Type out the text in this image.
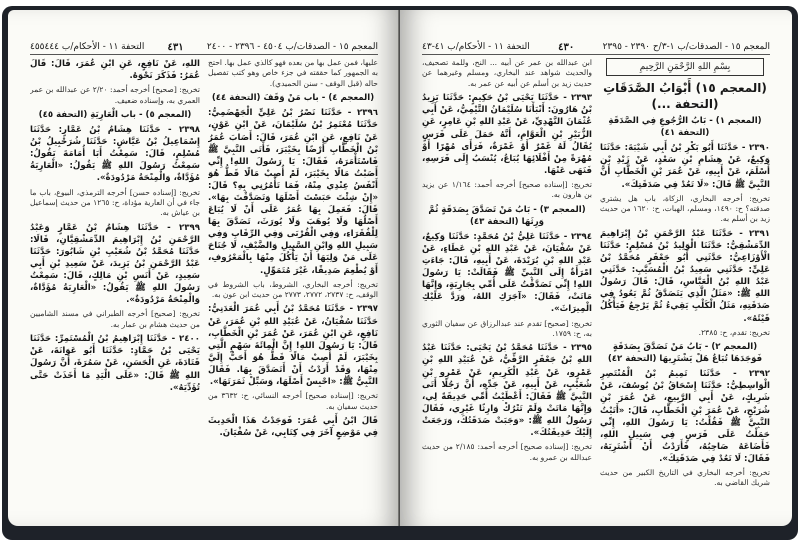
المعجم ١٥ - الصدقات/ب ٤٥٠٤ - ٢٣٩٦ - ٢٤٠٠
٤٣١
التحفة ١١ - الأحكام/ب ٤٥٥٤٤٤

عليها، فمن عمل بها من بعده فهو كالذي عمل بها. احتج به الجمهور كما حققته في جزء خاص وهو كتب تفصيل حاله (قبل الوقف - سنن الحميدي).

(المعجم ٤) - باب مَنْ وَقَفَ (التحفة ٤٤)

٢٣٩٦ - حَدَّثَنَا نَصْرُ بْنُ عَلِيٍّ الْجَهْضَمِيُّ: حَدَّثَنَا مُعْتَمِرُ بْنُ سُلَيْمَانَ، عَنْ ابْنِ عَوْنٍ، عَنْ نَافِعٍ، عَنِ ابْنِ عُمَرَ، قَالَ: أَصَابَ عُمَرُ بْنُ الْخَطَّابِ أَرْضًا بِخَيْبَرَ، فَأَتَى النَّبِيَّ ﷺ فَاسْتَأْمَرَهُ، فَقَالَ: يَا رَسُولَ اللهِ! إِنِّي أَصَبْتُ مَالًا بِخَيْبَرَ، لَمْ أُصِبْ مَالًا قَطُّ هُوَ أَنْفَسُ عِنْدِي مِنْهُ، فَمَا تَأْمُرُنِي بِهِ؟ قَالَ: «إِنْ شِئْتَ حَبَسْتَ أَصْلَهَا وَتَصَدَّقْتَ بِهَا». قَالَ: فَعَمِلَ بِهَا عُمَرُ عَلَى أَنْ لَا يُبَاعَ أَصْلُهَا وَلَا يُوهَبَ وَلَا يُورَثَ، تَصَدَّقَ بِهَا لِلْفُقَرَاءِ، وَفِي الْقُرْبَى وَفِي الرِّقَابِ وَفِي سَبِيلِ اللهِ وَابْنِ السَّبِيلِ وَالضَّيْفِ، لَا جُنَاحَ عَلَى مَنْ وَلِيَهَا أَنْ يَأْكُلَ مِنْهَا بِالْمَعْرُوفِ، أَوْ يُطْعِمَ صَدِيقًا، غَيْرَ مُتَمَوِّلٍ.

تخريج: أخرجه البخاري، الشروط، باب الشروط في الوقف، ح: ٢٧٣٧، ٢٧٧٢، ٢٧٧٣ من حديث ابن عون به.

٢٣٩٧ - حَدَّثَنَا مُحَمَّدُ بْنُ أَبِي عُمَرَ الْعَدَنِيُّ: حَدَّثَنَا سُفْيَانُ، عَنْ عُبَيْدِ اللهِ بْنِ عُمَرَ، عَنْ نَافِعٍ، عَنِ ابْنِ عُمَرَ، عَنْ عُمَرَ بْنِ الْخَطَّابِ، قَالَ: يَا رَسُولَ اللهِ! إِنَّ الْمِائَةَ سَهْمٍ الَّتِي بِخَيْبَرَ، لَمْ أُصِبْ مَالًا قَطُّ هُوَ أَحَبُّ إِلَيَّ مِنْهَا، وَقَدْ أَرَدْتُ أَنْ أَتَصَدَّقَ بِهَا. فَقَالَ النَّبِيُّ ﷺ: «احْبِسْ أَصْلَهَا، وَسَبِّلْ ثَمَرَتَهَا».

تخريج: [إسناده صحيح] أخرجه النسائي، ح: ٣٦٣٢ من حديث سفيان به.

قَالَ ابْنُ أَبِي عُمَرَ: فَوَجَدْتُ هَذَا الْحَدِيثَ فِي مَوْضِعٍ آخَرَ فِي كِتَابِي، عَنْ سُفْيَانَ.

اللهِ، عَنْ نَافِعٍ، عَنِ ابْنِ عُمَرَ، قَالَ: قَالَ عُمَرُ: فَذَكَرَ نَحْوَهُ.

تخريج: [صحيح] أخرجه أحمد: ٢/٢٠ عن عبدالله بن عمر العمري به، وإسناده ضعيف.

(المعجم ٥) - باب الْعَارِيَةِ (التحفة ٤٥)

٢٣٩٨ - حَدَّثَنَا هِشَامُ بْنُ عَمَّارٍ: حَدَّثَنَا إِسْمَاعِيلُ بْنُ عَيَّاشٍ: حَدَّثَنَا شُرَحْبِيلُ بْنُ مُسْلِمٍ، قَالَ: سَمِعْتُ أَبَا أُمَامَةَ يَقُولُ: سَمِعْتُ رَسُولَ اللهِ ﷺ يَقُولُ: «الْعَارِيَةُ مُؤَدَّاةٌ، وَالْمِنْحَةُ مَرْدُودَةٌ».

تخريج: [إسناده حسن] أخرجه الترمذي، البيوع، باب ما جاء في أن العارية مؤداة، ح: ١٢٦٥ من حديث إسماعيل بن عياش به.

٢٣٩٩ - حَدَّثَنَا هِشَامُ بْنُ عَمَّارٍ وَعَبْدُ الرَّحْمَنِ بْنُ إِبْرَاهِيمَ الدِّمَشْقِيَّانِ، قَالَا: حَدَّثَنَا مُحَمَّدُ بْنُ شُعَيْبِ بْنِ شَابُورَ: حَدَّثَنَا عَبْدُ الرَّحْمَنِ بْنُ يَزِيدَ، عَنْ سَعِيدِ بْنِ أَبِي سَعِيدٍ، عَنْ أَنَسِ بْنِ مَالِكٍ، قَالَ: سَمِعْتُ رَسُولَ اللهِ ﷺ يَقُولُ: «الْعَارِيَةُ مُؤَدَّاةٌ، وَالْمِنْحَةُ مَرْدُودَةٌ».

تخريج: [صحيح] أخرجه الطبراني في مسند الشاميين من حديث هشام بن عمار به.

٢٤٠٠ - حَدَّثَنَا إِبْرَاهِيمُ بْنُ الْمُسْتَمِرِّ: حَدَّثَنَا يَحْيَى بْنُ حَمَّادٍ: حَدَّثَنَا أَبُو عَوَانَةَ، عَنْ قَتَادَةَ، عَنِ الْحَسَنِ، عَنْ سَمُرَةَ، أَنَّ رَسُولَ اللهِ ﷺ قَالَ: «عَلَى الْيَدِ مَا أَخَذَتْ حَتَّى تُؤَدِّيَهُ».

المعجم ١٥ - الصدقات/ب ١-٣/ح ٢٣٩٠ - ٢٣٩٥
٤٣٠
التحفة ١١ - الأحكام/ب ٤١-٤٣
بِسْمِ اللهِ الرَّحْمَنِ الرَّحِيمِ

(المعجم ١٥) أَبْوَابُ الصَّدَقَاتِ (التحفة ...)

(المعجم ١) - بَابُ الرُّجُوعِ فِي الصَّدَقَةِ (التحفة ٤١)

٢٣٩٠ - حَدَّثَنَا أَبُو بَكْرِ بْنُ أَبِي شَيْبَةَ: حَدَّثَنَا وَكِيعٌ، عَنْ هِشَامِ بْنِ سَعْدٍ، عَنْ زَيْدِ بْنِ أَسْلَمَ، عَنْ أَبِيهِ، عَنْ عُمَرَ بْنِ الْخَطَّابِ أَنَّ النَّبِيَّ ﷺ قَالَ: «لَا تَعُدْ فِي صَدَقَتِكَ».

تخريج: أخرجه البخاري، الزكاة، باب هل يشتري صدقته؟ ح: ١٤٩٠، ومسلم، الهبات، ح: ١٦٢٠ من حديث زيد بن أسلم به.

٢٣٩١ - حَدَّثَنَا عَبْدُ الرَّحْمَنِ بْنُ إِبْرَاهِيمَ الدِّمَشْقِيُّ: حَدَّثَنَا الْوَلِيدُ بْنُ مُسْلِمٍ: حَدَّثَنَا الْأَوْزَاعِيُّ: حَدَّثَنِي أَبُو جَعْفَرٍ مُحَمَّدُ بْنُ عَلِيٍّ: حَدَّثَنِي سَعِيدُ بْنُ الْمُسَيَّبِ: حَدَّثَنِي عَبْدُ اللهِ بْنُ الْعَبَّاسِ، قَالَ: قَالَ رَسُولُ اللهِ ﷺ: «مَثَلُ الَّذِي يَتَصَدَّقُ ثُمَّ يَعُودُ فِي صَدَقَتِهِ، مَثَلُ الْكَلْبِ يَقِيءُ ثُمَّ يَرْجِعُ فَيَأْكُلُ قَيْئَهُ».

تخريج: تقدم، ح: ٢٣٨٥.

(المعجم ٢) - بَابُ مَنْ تَصَدَّقَ بِصَدَقَةٍ فَوَجَدَهَا تُبَاعُ هَلْ يَشْتَرِيهَا (التحفة ٤٢)

٢٣٩٢ - حَدَّثَنَا تَمِيمُ بْنُ الْمُنْتَصِرِ الْوَاسِطِيُّ: حَدَّثَنَا إِسْحَاقُ بْنُ يُوسُفَ، عَنْ شَرِيكٍ، عَنْ أَبِي الرَّبِيعِ، عَنْ عُمَرَ بْنِ شُرَيْحٍ، عَنْ عُمَرَ بْنِ الْخَطَّابِ، قَالَ: «أَتَيْتُ النَّبِيَّ ﷺ فَقُلْتُ: يَا رَسُولَ اللهِ، إِنِّي حَمَلْتُ عَلَى فَرَسٍ فِي سَبِيلِ اللهِ، فَأَضَاعَهُ صَاحِبُهُ، فَأَرَدْتُ أَنْ أَشْتَرِيَهُ، فَقَالَ: لَا تَعُدْ فِي صَدَقَتِكَ».

تخريج: أخرجه البخاري في التاريخ الكبير من حديث شريك القاضي به.

ابن عبدالله بن عمر عن أبيه ... النح، وللمة تصحيف، والحديث شواهد عند البخاري، ومسلم وغيرهما عن حديث زيد بن أسلم عن أبيه عن عمر به.

٢٣٩٣ - حَدَّثَنَا يَحْيَى بْنُ حَكِيمٍ: حَدَّثَنَا يَزِيدُ بْنُ هَارُونَ: أَنْبَأَنَا سُلَيْمَانُ التَّيْمِيُّ، عَنْ أَبِي عُثْمَانَ النَّهْدِيِّ، عَنْ عَبْدِ اللهِ بْنِ عَامِرٍ، عَنِ الزُّبَيْرِ بْنِ الْعَوَّامِ، أَنَّهُ حَمَلَ عَلَى فَرَسٍ يُقَالُ لَهُ غَمْرٌ أَوْ غَمْرَةٌ، فَرَأَى مُهْرًا أَوْ مُهْرَةً مِنْ أَفْلَائِهَا يُبَاعُ، يُنْسَبُ إِلَى فَرَسِهِ، فَنَهَى عَنْهَا.

تخريج: [إسناده صحيح] أخرجه أحمد: ١/١٦٤ عن يزيد بن هارون به.

(المعجم ٣) - بَابُ مَنْ تَصَدَّقَ بِصَدَقَةٍ ثُمَّ وَرِثَهَا (التحفة ٤٣)

٢٣٩٤ - حَدَّثَنَا عَلِيُّ بْنُ مُحَمَّدٍ: حَدَّثَنَا وَكِيعٌ، عَنْ سُفْيَانَ، عَنْ عَبْدِ اللهِ بْنِ عَطَاءٍ، عَنْ عَبْدِ اللهِ بْنِ بُرَيْدَةَ، عَنْ أَبِيهِ، قَالَ: جَاءَتِ امْرَأَةٌ إِلَى النَّبِيِّ ﷺ فَقَالَتْ: يَا رَسُولَ اللهِ! إِنِّي تَصَدَّقْتُ عَلَى أُمِّي بِجَارِيَةٍ، وَإِنَّهَا مَاتَتْ، فَقَالَ: «آجَرَكِ اللهُ، وَرَدَّ عَلَيْكِ الْمِيرَاثَ».

تخريج: [صحيح] تقدم عند عبدالرزاق عن سفيان الثوري به، ح: ١٧٥٩.

٢٣٩٥ - حَدَّثَنَا مُحَمَّدُ بْنُ يَحْيَى: حَدَّثَنَا عَبْدُ اللهِ بْنُ جَعْفَرٍ الرَّقِّيُّ، عَنْ عُبَيْدِ اللهِ بْنِ عَمْرٍو، عَنْ عَبْدِ الْكَرِيمِ، عَنْ عَمْرِو بْنِ شُعَيْبٍ، عَنْ أَبِيهِ، عَنْ جَدِّهِ، أَنَّ رَجُلًا أَتَى النَّبِيَّ ﷺ فَقَالَ: أَعْطَيْتُ أُمِّي حَدِيقَةً لِي، وَإِنَّهَا مَاتَتْ وَلَمْ تَتْرُكْ وَارِثًا غَيْرِي، فَقَالَ رَسُولُ اللهِ ﷺ: «وَجَبَتْ صَدَقَتُكَ، وَرَجَعَتْ إِلَيْكَ حَدِيقَتُكَ».

تخريج: [إسناده صحيح] أخرجه أحمد: ٢/١٨٥ من حديث عبدالله بن عمرو به.
